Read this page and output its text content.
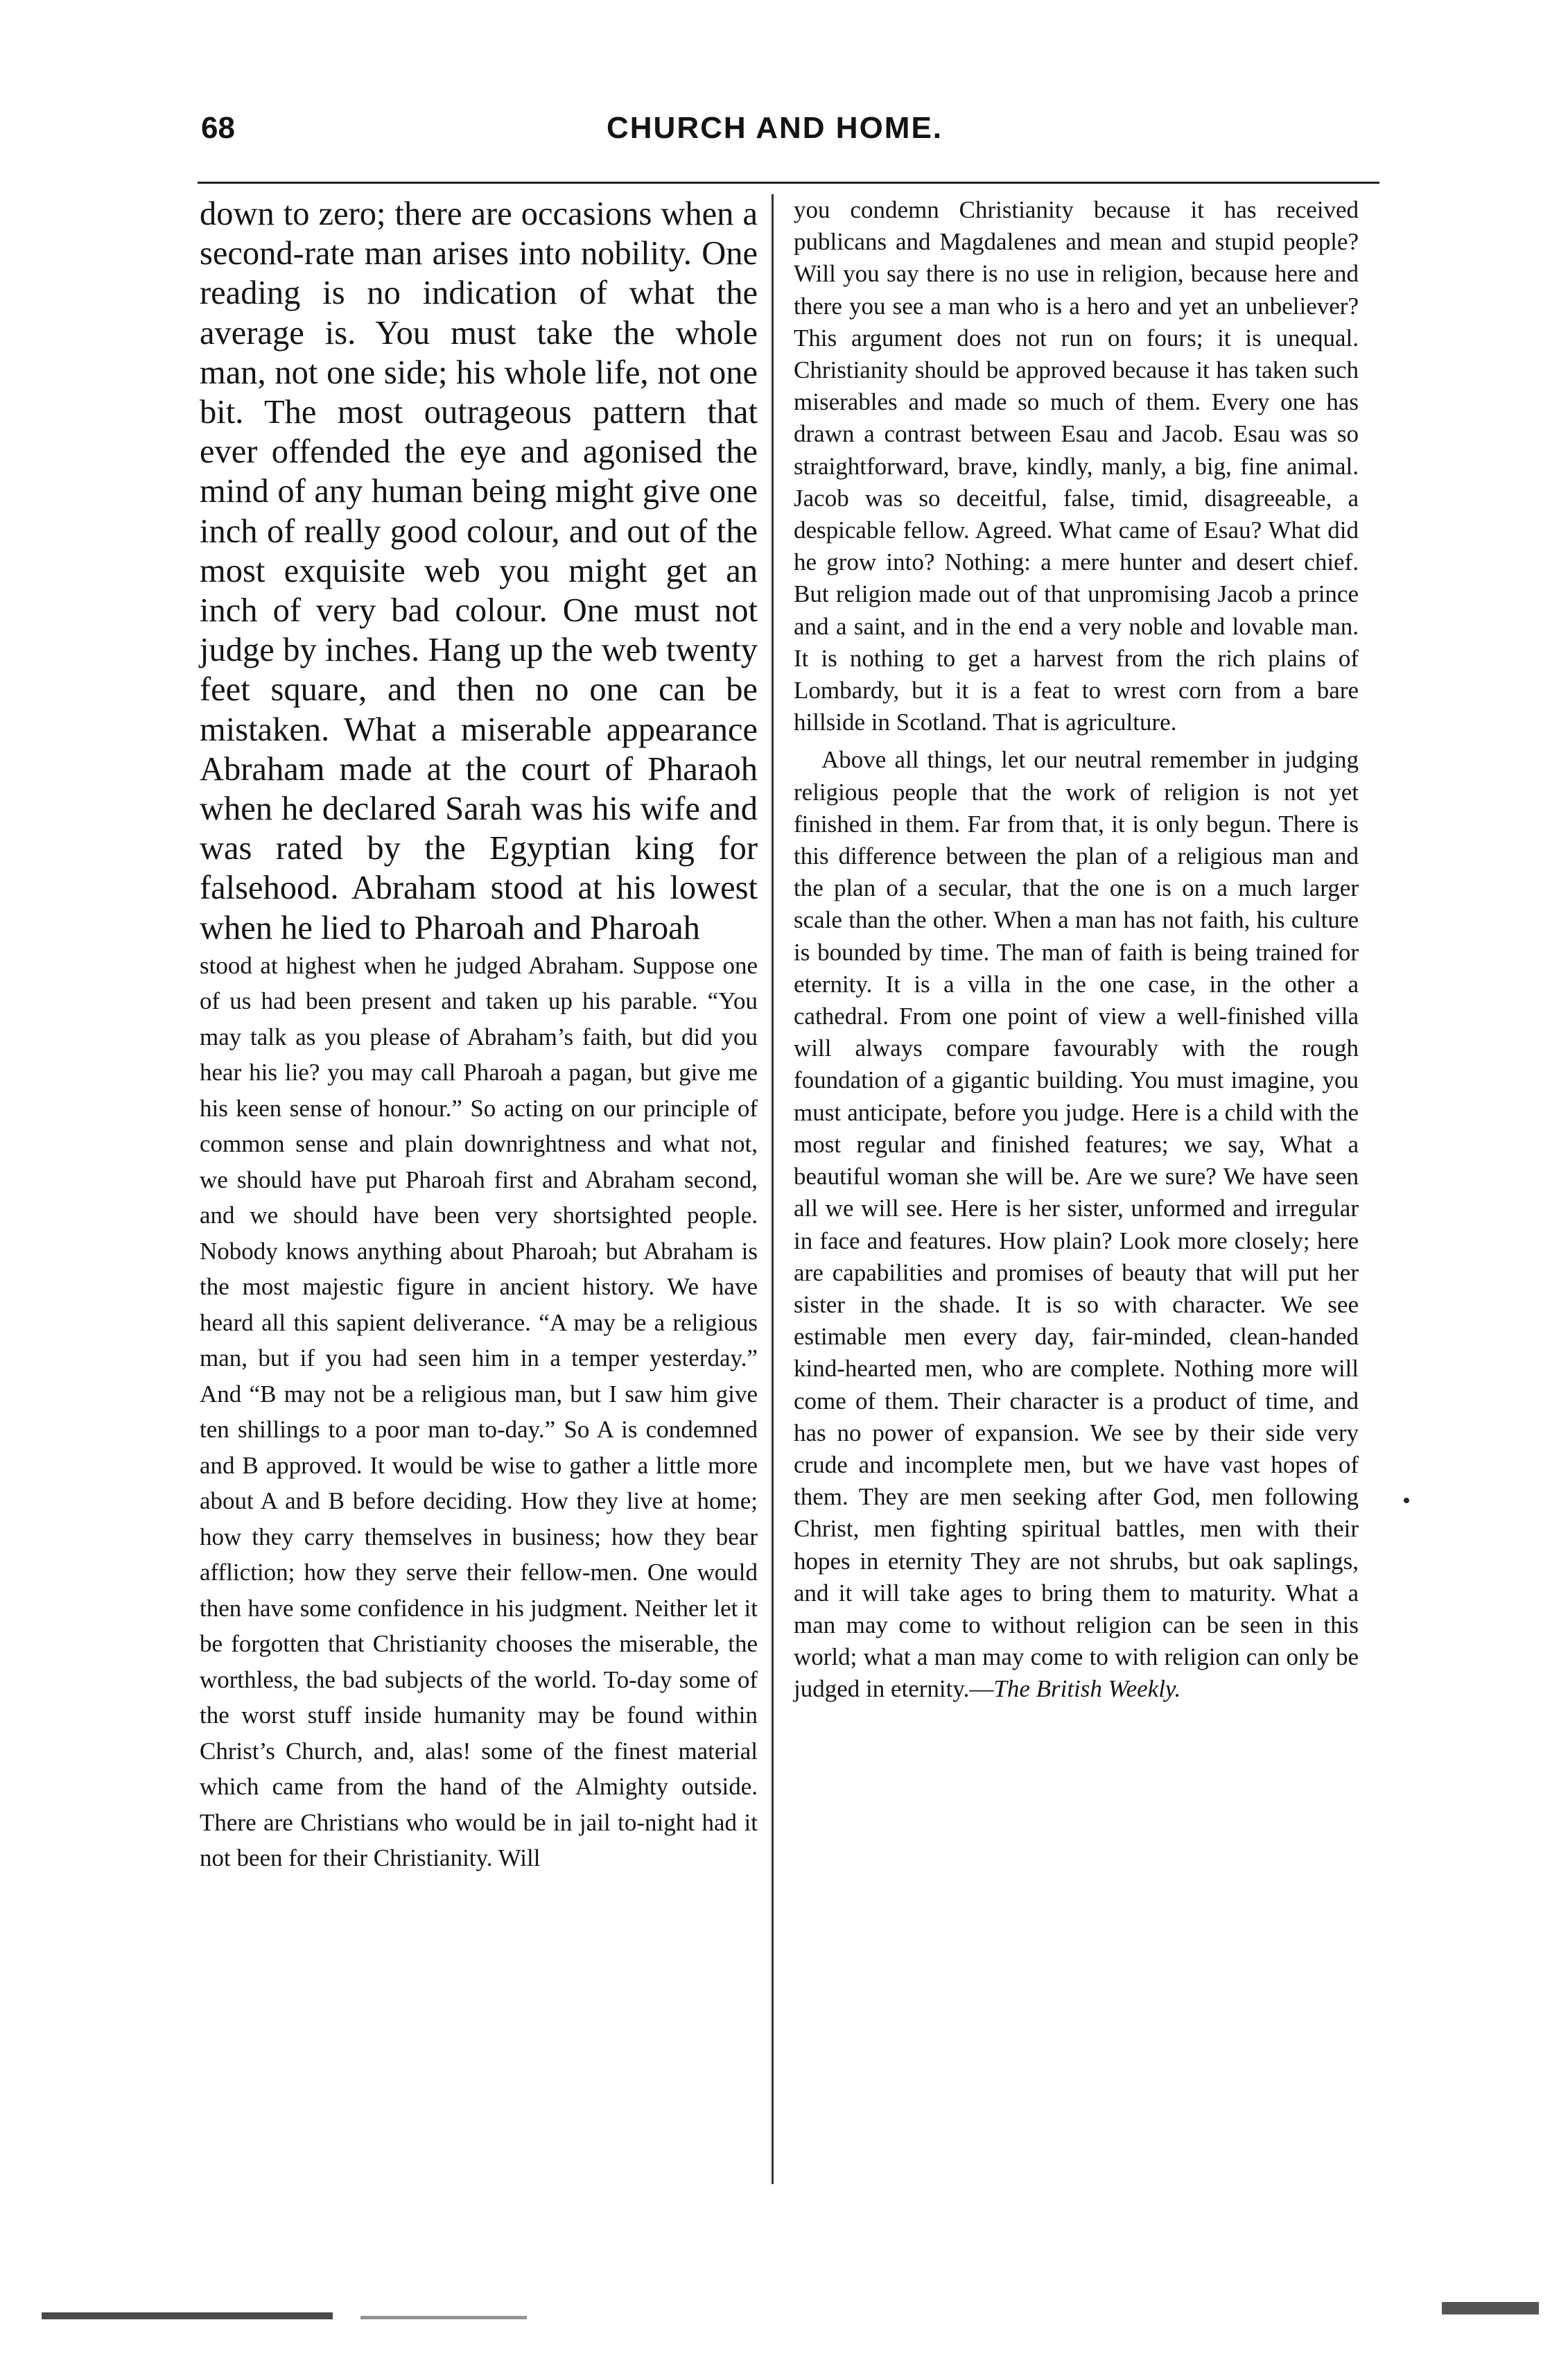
68	CHURCH AND HOME.

down to zero; there are occasions when a second-rate man arises into nobility. One reading is no indication of what the average is. You must take the whole man, not one side; his whole life, not one bit. The most outrageous pattern that ever offended the eye and agonised the mind of any human being might give one inch of really good colour, and out of the most exquisite web you might get an inch of very bad colour. One must not judge by inches. Hang up the web twenty feet square, and then no one can be mistaken. What a miserable appearance Abraham made at the court of Pharaoh when he declared Sarah was his wife and was rated by the Egyptian king for falsehood. Abraham stood at his lowest when he lied to Pharoah and Pharoah

stood at highest when he judged Abraham. Suppose one of us had been present and taken up his parable. “You may talk as you please of Abraham’s faith, but did you hear his lie? you may call Pharoah a pagan, but give me his keen sense of honour.” So acting on our principle of common sense and plain downrightness and what not, we should have put Pharoah first and Abraham second, and we should have been very shortsighted people. Nobody knows anything about Pharoah; but Abraham is the most majestic figure in ancient history. We have heard all this sapient deliverance. “A may be a religious man, but if you had seen him in a temper yesterday.” And “B may not be a religious man, but I saw him give ten shillings to a poor man to-day.” So A is condemned and B approved. It would be wise to gather a little more about A and B before deciding. How they live at home; how they carry themselves in business; how they bear affliction; how they serve their fellow-men. One would then have some confidence in his judgment. Neither let it be forgotten that Christianity chooses the miserable, the worthless, the bad subjects of the world. To-day some of the worst stuff inside humanity may be found within Christ’s Church, and, alas! some of the finest material which came from the hand of the Almighty outside. There are Christians who would be in jail to-night had it not been for their Christianity. Will

you condemn Christianity because it has received publicans and Magdalenes and mean and stupid people? Will you say there is no use in religion, because here and there you see a man who is a hero and yet an unbeliever? This argument does not run on fours; it is unequal. Christianity should be approved because it has taken such miserables and made so much of them. Every one has drawn a contrast between Esau and Jacob. Esau was so straightforward, brave, kindly, manly, a big, fine animal. Jacob was so deceitful, false, timid, disagreeable, a despicable fellow. Agreed. What came of Esau? What did he grow into? Nothing: a mere hunter and desert chief. But religion made out of that unpromising Jacob a prince and a saint, and in the end a very noble and lovable man. It is nothing to get a harvest from the rich plains of Lombardy, but it is a feat to wrest corn from a bare hillside in Scotland. That is agriculture.

Above all things, let our neutral remember in judging religious people that the work of religion is not yet finished in them. Far from that, it is only begun. There is this difference between the plan of a religious man and the plan of a secular, that the one is on a much larger scale than the other. When a man has not faith, his culture is bounded by time. The man of faith is being trained for eternity. It is a villa in the one case, in the other a cathedral. From one point of view a well-finished villa will always compare favourably with the rough foundation of a gigantic building. You must imagine, you must anticipate, before you judge. Here is a child with the most regular and finished features; we say, What a beautiful woman she will be. Are we sure? We have seen all we will see. Here is her sister, unformed and irregular in face and features. How plain? Look more closely; here are capabilities and promises of beauty that will put her sister in the shade. It is so with character. We see estimable men every day, fair-minded, clean-handed kind-hearted men, who are complete. Nothing more will come of them. Their character is a product of time, and has no power of expansion. We see by their side very crude and incomplete men, but we have vast hopes of them. They are men seeking after God, men following Christ, men fighting spiritual battles, men with their hopes in eternity They are not shrubs, but oak saplings, and it will take ages to bring them to maturity. What a man may come to without religion can be seen in this world; what a man may come to with religion can only be judged in eternity.—The British Weekly.
